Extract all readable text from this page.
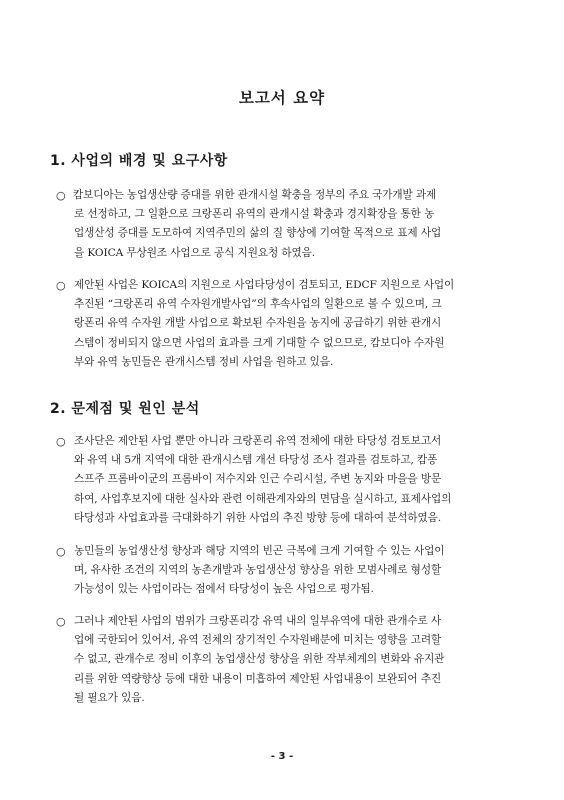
보고서 요약
1. 사업의 배경 및 요구사항
○ 캄보디아는 농업생산량 증대를 위한 관개시설 확충을 정부의 주요 국가개발 과제
로 선정하고, 그 일환으로 크랑폰리 유역의 관개시설 확충과 경지확장을 통한 농
업생산성 증대를 도모하여 지역주민의 삶의 질 향상에 기여할 목적으로 표제 사업
을 KOICA 무상원조 사업으로 공식 지원요청 하였음.
○ 제안된 사업은 KOICA의 지원으로 사업타당성이 검토되고, EDCF 지원으로 사업이
추진된 “크랑폰리 유역 수자원개발사업”의 후속사업의 일환으로 볼 수 있으며, 크
랑폰리 유역 수자원 개발 사업으로 확보된 수자원을 농지에 공급하기 위한 관개시
스템이 정비되지 않으면 사업의 효과를 크게 기대할 수 없으므로, 캄보디아 수자원
부와 유역 농민들은 관개시스템 정비 사업을 원하고 있음.
2. 문제점 및 원인 분석
○ 조사단은 제안된 사업 뿐만 아니라 크랑폰리 유역 전체에 대한 타당성 검토보고서
와 유역 내 5개 지역에 대한 관개시스템 개선 타당성 조사 결과를 검토하고, 캄퐁
스프주 프롬바이군의 프롬바이 저수지와 인근 수리시설, 주변 농지와 마을을 방문
하여, 사업후보지에 대한 실사와 관련 이해관계자와의 면담을 실시하고, 표제사업의
타당성과 사업효과를 극대화하기 위한 사업의 추진 방향 등에 대하여 분석하였음.
○ 농민들의 농업생산성 향상과 해당 지역의 빈곤 극복에 크게 기여할 수 있는 사업이
며, 유사한 조건의 지역의 농촌개발과 농업생산성 향상을 위한 모범사례로 형성할
가능성이 있는 사업이라는 점에서 타당성이 높은 사업으로 평가됨.
○ 그러나 제안된 사업의 범위가 크랑폰리강 유역 내의 일부유역에 대한 관개수로 사
업에 국한되어 있어서, 유역 전체의 장기적인 수자원배분에 미치는 영향을 고려할
수 없고, 관개수로 정비 이후의 농업생산성 향상을 위한 작부체계의 변화와 유지관
리를 위한 역량향상 등에 대한 내용이 미흡하여 제안된 사업내용이 보완되어 추진
될 필요가 있음.
- 3 -
